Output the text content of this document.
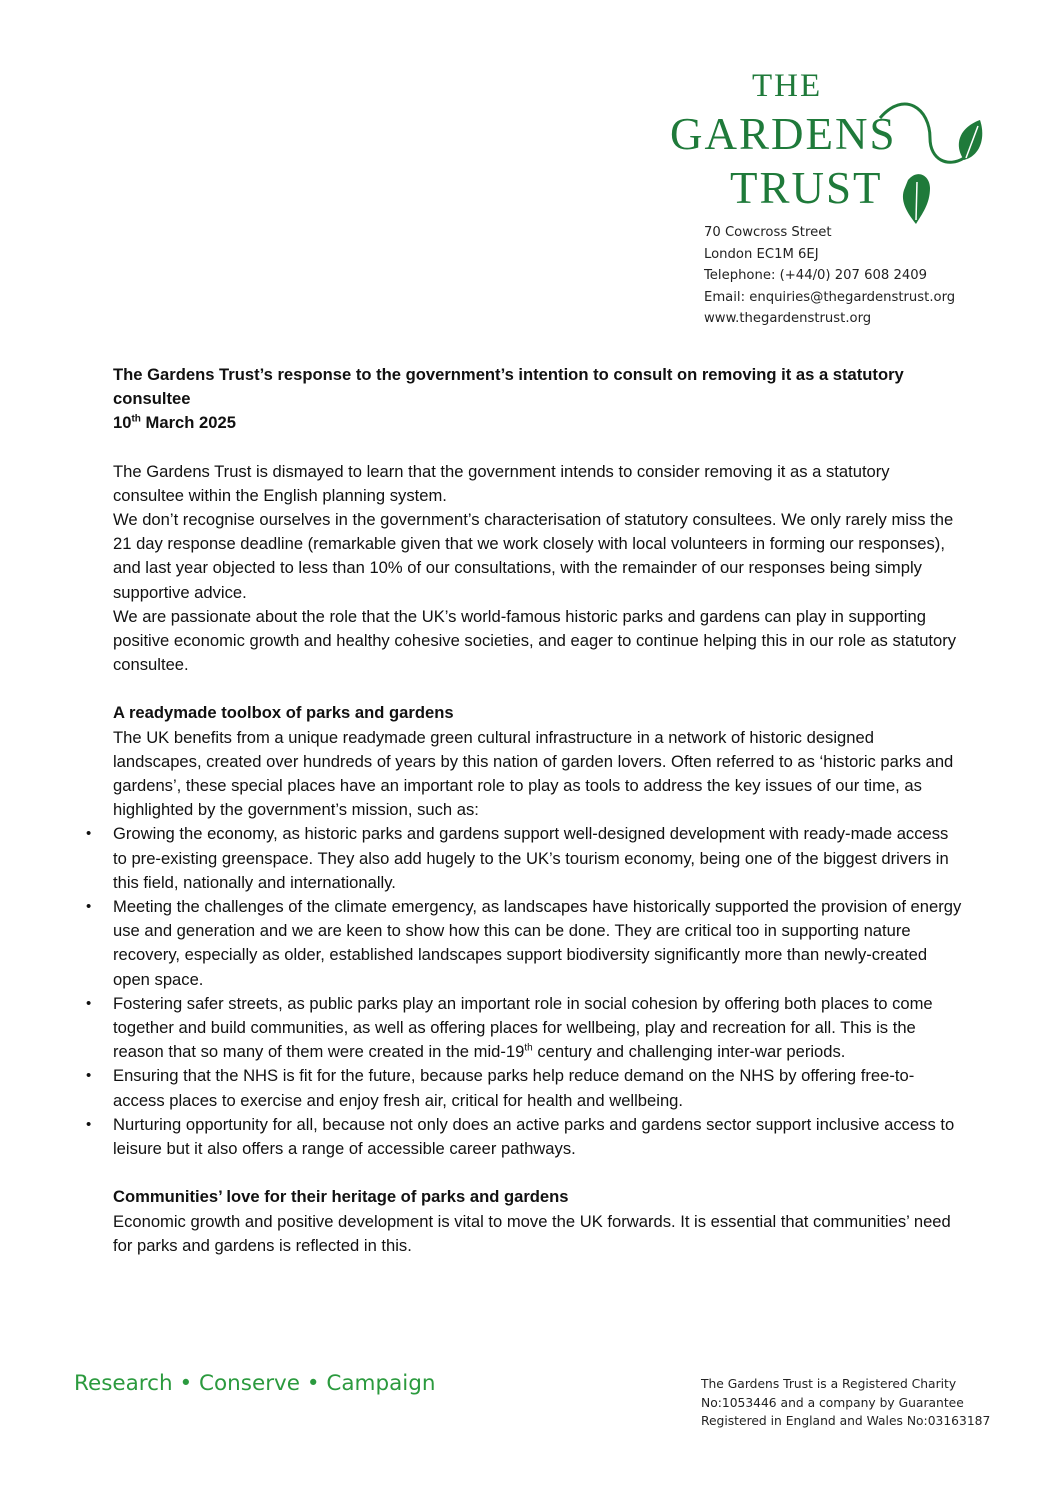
THE
GARDENS
TRUST
70 Cowcross Street
London EC1M 6EJ
Telephone: (+44/0) 207 608 2409
Email: enquiries@thegardenstrust.org
www.thegardenstrust.org

The Gardens Trust’s response to the government’s intention to consult on removing it as a statutory consultee

10th March 2025

The Gardens Trust is dismayed to learn that the government intends to consider removing it as a statutory consultee within the English planning system.

We don’t recognise ourselves in the government’s characterisation of statutory consultees. We only rarely miss the 21 day response deadline (remarkable given that we work closely with local volunteers in forming our responses), and last year objected to less than 10% of our consultations, with the remainder of our responses being simply supportive advice.

We are passionate about the role that the UK’s world-famous historic parks and gardens can play in supporting positive economic growth and healthy cohesive societies, and eager to continue helping this in our role as statutory consultee.

A readymade toolbox of parks and gardens

The UK benefits from a unique readymade green cultural infrastructure in a network of historic designed landscapes, created over hundreds of years by this nation of garden lovers. Often referred to as ‘historic parks and gardens’, these special places have an important role to play as tools to address the key issues of our time, as highlighted by the government’s mission, such as:

• Growing the economy, as historic parks and gardens support well-designed development with ready-made access to pre-existing greenspace. They also add hugely to the UK’s tourism economy, being one of the biggest drivers in this field, nationally and internationally.
• Meeting the challenges of the climate emergency, as landscapes have historically supported the provision of energy use and generation and we are keen to show how this can be done. They are critical too in supporting nature recovery, especially as older, established landscapes support biodiversity significantly more than newly-created open space.
• Fostering safer streets, as public parks play an important role in social cohesion by offering both places to come together and build communities, as well as offering places for wellbeing, play and recreation for all. This is the reason that so many of them were created in the mid-19th century and challenging inter-war periods.
• Ensuring that the NHS is fit for the future, because parks help reduce demand on the NHS by offering free-to-access places to exercise and enjoy fresh air, critical for health and wellbeing.
• Nurturing opportunity for all, because not only does an active parks and gardens sector support inclusive access to leisure but it also offers a range of accessible career pathways.

Communities’ love for their heritage of parks and gardens

Economic growth and positive development is vital to move the UK forwards. It is essential that communities’ need for parks and gardens is reflected in this.

Research • Conserve • Campaign	The Gardens Trust is a Registered Charity
No:1053446 and a company by Guarantee
Registered in England and Wales No:03163187
